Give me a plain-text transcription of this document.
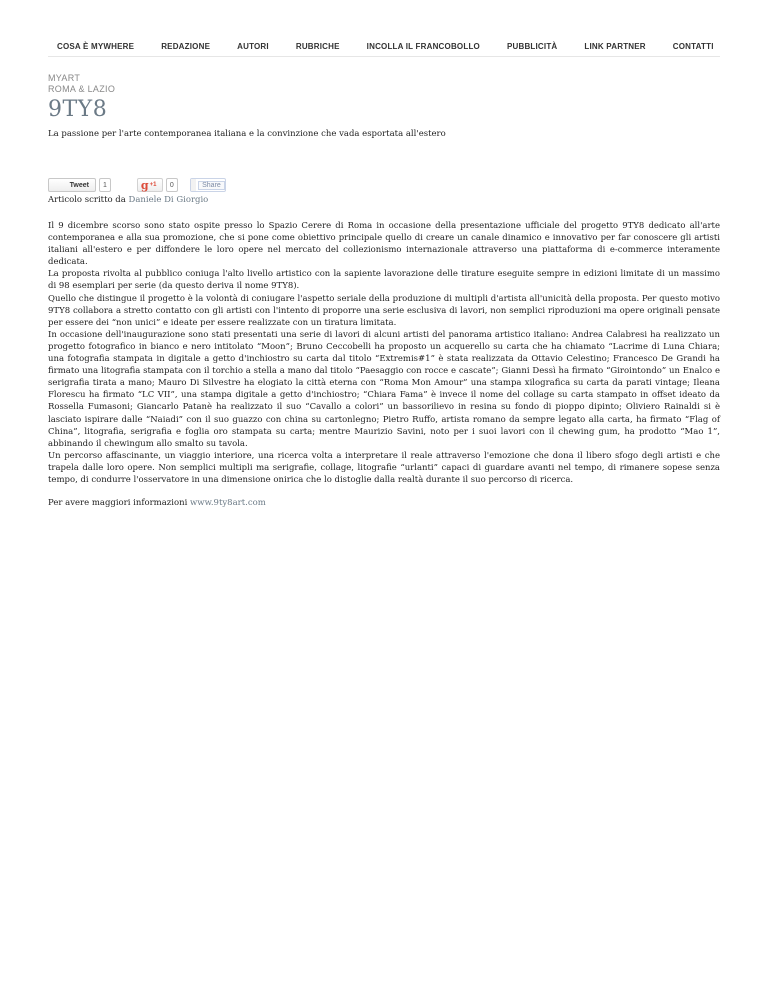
COSA È MYWHERE	REDAZIONE	AUTORI	RUBRICHE	INCOLLA IL FRANCOBOLLO	PUBBLICITÀ	LINK PARTNER	CONTATTI
MYART
ROMA & LAZIO
9TY8

La passione per l'arte contemporanea italiana e la convinzione che vada esportata all'estero

Tweet	1	g +1	0	Share
Articolo scritto da Daniele Di Giorgio

Il 9 dicembre scorso sono stato ospite presso lo Spazio Cerere di Roma in occasione della presentazione ufficiale del progetto 9TY8 dedicato all'arte contemporanea e alla sua promozione, che si pone come obiettivo principale quello di creare un canale dinamico e innovativo per far conoscere gli artisti italiani all'estero e per diffondere le loro opere nel mercato del collezionismo internazionale attraverso una piattaforma di e-commerce interamente dedicata.

La proposta rivolta al pubblico coniuga l'alto livello artistico con la sapiente lavorazione delle tirature eseguite sempre in edizioni limitate di un massimo di 98 esemplari per serie (da questo deriva il nome 9TY8).

Quello che distingue il progetto è la volontà di coniugare l'aspetto seriale della produzione di multipli d'artista all'unicità della proposta. Per questo motivo 9TY8 collabora a stretto contatto con gli artisti con l'intento di proporre una serie esclusiva di lavori, non semplici riproduzioni ma opere originali pensate per essere dei “non unici” e ideate per essere realizzate con un tiratura limitata.

In occasione dell'inaugurazione sono stati presentati una serie di lavori di alcuni artisti del panorama artistico italiano: Andrea Calabresi ha realizzato un progetto fotografico in bianco e nero intitolato “Moon”; Bruno Ceccobelli ha proposto un acquerello su carta che ha chiamato “Lacrime di Luna Chiara; una fotografia stampata in digitale a getto d'inchiostro su carta dal titolo “Extremis#1” è stata realizzata da Ottavio Celestino; Francesco De Grandi ha firmato una litografia stampata con il torchio a stella a mano dal titolo “Paesaggio con rocce e cascate”; Gianni Dessì ha firmato “Girointondo” un Enalco e serigrafia tirata a mano; Mauro Di Silvestre ha elogiato la città eterna con “Roma Mon Amour” una stampa xilografica su carta da parati vintage; Ileana Florescu ha firmato “LC VII”, una stampa digitale a getto d'inchiostro; “Chiara Fama” è invece il nome del collage su carta stampato in offset ideato da Rossella Fumasoni; Giancarlo Patanè ha realizzato il suo “Cavallo a colori” un bassorilievo in resina su fondo di pioppo dipinto; Oliviero Rainaldi si è lasciato ispirare dalle “Naiadi” con il suo guazzo con china su cartonlegno; Pietro Ruffo, artista romano da sempre legato alla carta, ha firmato “Flag of China”, litografia, serigrafia e foglia oro stampata su carta; mentre Maurizio Savini, noto per i suoi lavori con il chewing gum, ha prodotto “Mao 1”, abbinando il chewingum allo smalto su tavola.

Un percorso affascinante, un viaggio interiore, una ricerca volta a interpretare il reale attraverso l'emozione che dona il libero sfogo degli artisti e che trapela dalle loro opere. Non semplici multipli ma serigrafie, collage, litografie “urlanti” capaci di guardare avanti nel tempo, di rimanere sopese senza tempo, di condurre l'osservatore in una dimensione onirica che lo distoglie dalla realtà durante il suo percorso di ricerca.

Per avere maggiori informazioni www.9ty8art.com
